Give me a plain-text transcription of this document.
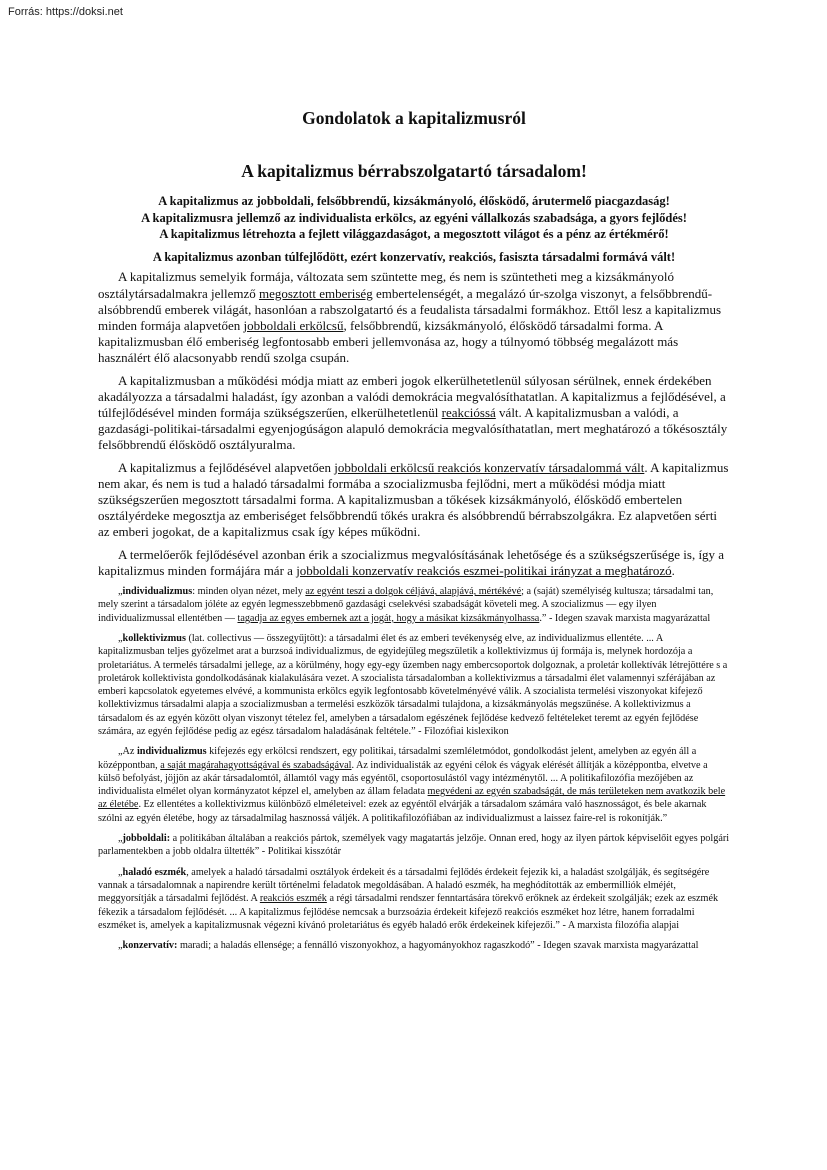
Forrás: https://doksi.net
Gondolatok a kapitalizmusról
A kapitalizmus bérrabszolgatartó társadalom!

A kapitalizmus az jobboldali, felsőbbrendű, kizsákmányoló, élősködő, árutermelő piacgazdaság!

A kapitalizmusra jellemző az individualista erkölcs, az egyéni vállalkozás szabadsága, a gyors fejlődés!

A kapitalizmus létrehozta a fejlett világgazdaságot, a megosztott világot és a pénz az értékmérő!

A kapitalizmus azonban túlfejlődött, ezért konzervatív, reakciós, fasiszta társadalmi formává vált!

A kapitalizmus semelyik formája, változata sem szüntette meg, és nem is szüntetheti meg a kizsákmányoló osztálytársadalmakra jellemző megosztott emberiség embertelenségét, a megalázó úr-szolga viszonyt, a felsőbbrendű-alsóbbrendű emberek világát, hasonlóan a rabszolgatartó és a feudalista társadalmi formákhoz. Ettől lesz a kapitalizmus minden formája alapvetően jobboldali erkölcsű, felsőbbrendű, kizsákmányoló, élősködő társadalmi forma. A kapitalizmusban élő emberiség legfontosabb emberi jellemvonása az, hogy a túlnyomó többség megalázott más használért élő alacsonyabb rendű szolga csupán.

A kapitalizmusban a működési módja miatt az emberi jogok elkerülhetetlenül súlyosan sérülnek, ennek érdekében akadályozza a társadalmi haladást, így azonban a valódi demokrácia megvalósíthatatlan. A kapitalizmus a fejlődésével, a túlfejlődésével minden formája szükségszerűen, elkerülhetetlenül reakcióssá vált. A kapitalizmusban a valódi, a gazdasági-politikai-társadalmi egyenjogúságon alapuló demokrácia megvalósíthatatlan, mert meghatározó a tőkésosztály felsőbbrendű élősködő osztályuralma.

A kapitalizmus a fejlődésével alapvetően jobboldali erkölcsű reakciós konzervatív társadalommá vált. A kapitalizmus nem akar, és nem is tud a haladó társadalmi formába a szocializmusba fejlődni, mert a működési módja miatt szükségszerűen megosztott társadalmi forma. A kapitalizmusban a tőkések kizsákmányoló, élősködő embertelen osztályérdeke megosztja az emberiséget felsőbbrendű tőkés urakra és alsóbbrendű bérrabszolgákra. Ez alapvetően sérti az emberi jogokat, de a kapitalizmus csak így képes működni.

A termelőerők fejlődésével azonban érik a szocializmus megvalósításának lehetősége és a szükségszerűsége is, így a kapitalizmus minden formájára már a jobboldali konzervatív reakciós eszmei-politikai irányzat a meghatározó.

„individualizmus: minden olyan nézet, mely az egyént teszi a dolgok céljává, alapjává, mértékévé; a (saját) személyiség kultusza; társadalmi tan, mely szerint a társadalom jóléte az egyén legmesszebbmenő gazdasági cselekvési szabadságát követeli meg. A szocializmus — egy ilyen individualizmussal ellentétben — tagadja az egyes embernek azt a jogát, hogy a másikat kizsákmányolhassa.” - Idegen szavak marxista magyarázattal

„kollektivizmus (lat. collectivus — összegyűjtött): a társadalmi élet és az emberi tevékenység elve, az individualizmus ellentéte. ... A kapitalizmusban teljes győzelmet arat a burzsoá individualizmus, de egyidejűleg megszületik a kollektivizmus új formája is, melynek hordozója a proletariátus. A termelés társadalmi jellege, az a körülmény, hogy egy-egy üzemben nagy embercsoportok dolgoznak, a proletár kollektívák létrejöttére s a proletárok kollektivista gondolkodásának kialakulására vezet. A szocialista társadalomban a kollektivizmus a társadalmi élet valamennyi szférájában az emberi kapcsolatok egyetemes elvévé, a kommunista erkölcs egyik legfontosabb követelményévé válik. A szocialista termelési viszonyokat kifejező kollektivizmus társadalmi alapja a szocializmusban a termelési eszközök társadalmi tulajdona, a kizsákmányolás megszűnése. A kollektivizmus a társadalom és az egyén között olyan viszonyt tételez fel, amelyben a társadalom egészének fejlődése kedvező feltételeket teremt az egyén fejlődése számára, az egyén fejlődése pedig az egész társadalom haladásának feltétele.” - Filozófiai kislexikon

„Az individualizmus kifejezés egy erkölcsi rendszert, egy politikai, társadalmi szemléletmódot, gondolkodást jelent, amelyben az egyén áll a középpontban, a saját magárahagyottságával és szabadságával. Az individualisták az egyéni célok és vágyak elérését állítják a középpontba, elvetve a külső befolyást, jöjjön az akár társadalomtól, államtól vagy más egyéntől, csoportosulástól vagy intézménytől. ... A politikafilozófia mezőjében az individualista elmélet olyan kormányzatot képzel el, amelyben az állam feladata megvédeni az egyén szabadságát, de más területeken nem avatkozik bele az életébe. Ez ellentétes a kollektivizmus különböző elméleteivel: ezek az egyéntől elvárják a társadalom számára való hasznosságot, és bele akarnak szólni az egyén életébe, hogy az társadalmilag hasznossá váljék. A politikafilozófiában az individualizmust a laissez faire-rel is rokonítják.”

„jobboldali: a politikában általában a reakciós pártok, személyek vagy magatartás jelzője. Onnan ered, hogy az ilyen pártok képviselőit egyes polgári parlamentekben a jobb oldalra ültették” - Politikai kisszótár

„haladó eszmék, amelyek a haladó társadalmi osztályok érdekeit és a társadalmi fejlődés érdekeit fejezik ki, a haladást szolgálják, és segítségére vannak a társadalomnak a napirendre került történelmi feladatok megoldásában. A haladó eszmék, ha meghódították az embermilliók elméjét, meggyorsítják a társadalmi fejlődést. A reakciós eszmék a régi társadalmi rendszer fenntartására törekvő erőknek az érdekeit szolgálják; ezek az eszmék fékezik a társadalom fejlődését. ... A kapitalizmus fejlődése nemcsak a burzsoázia érdekeit kifejező reakciós eszméket hoz létre, hanem forradalmi eszméket is, amelyek a kapitalizmusnak végezni kívánó proletariátus és egyéb haladó erők érdekeinek kifejezői.” - A marxista filozófia alapjai

„konzervatív: maradi; a haladás ellensége; a fennálló viszonyokhoz, a hagyományokhoz ragaszkodó” - Idegen szavak marxista magyarázattal
